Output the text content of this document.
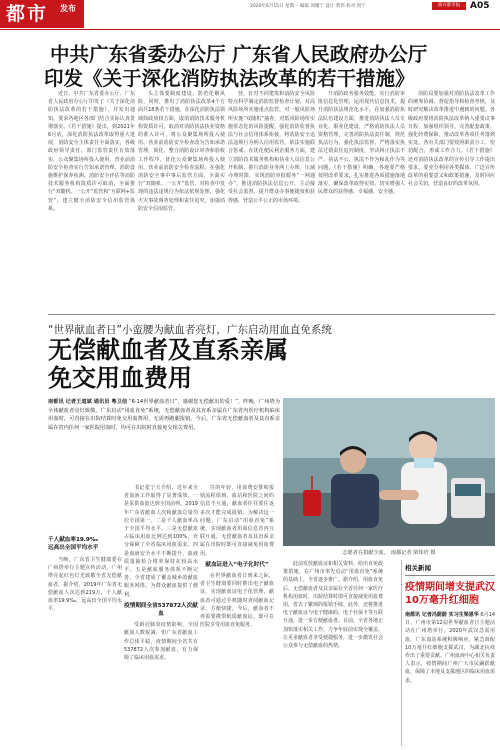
都市	发布	2020年6月15日 星期一 编辑 刘耀宁 设计 黄伟 校对 周宁	南方都市报	A05
中共广东省委办公厅 广东省人民政府办公厅
印发《关于深化消防执法改革的若干措施》

近日，中共广东省委办公厅、广东省人民政府办公厅印发了《关于深化消防执法改革的若干措施》，并发出通知，要求各地区各部门结合实际认真贯彻落实。《若干措施》提出，到2021年6月底，深化消防执法改革取得重大进展，消防安全主体责任全面落实，各级政府领导责任、部门监管责任有效落实，公众聚集场所投入使用、营业前消防安全检查实行告知承诺管理，消防设施维护保养检测、消防安全评估等消防技术服务机构资质许可取消，全面推行“双随机、一公开”监管和“互联网+监管”，建立健全消防安全信用监管体系。

头主体要制度建设，防范化解风险，同时，推出了消防执法改革4个方面共18条若干措施。在深化消防执法领域简政放权方面，取消消防技术服务机构资质许可，取消对消防执法执业资格的准入许可，将公众聚集场所投入使用、营业前消防安全检查改为告知承诺管理，简化、整合消防设计审查和验收工作程序，优化公众聚集场所投入使用、营业前消防安全检查流程。在强化消防安全事中事后监管方面，全面实行“双随机、一公开”监管，对检查中发现的违法违规行为依法依规处理，强化火灾事故调查处理和责任追究，加强消防安全信用监管。

营，针对不同建筑和消防安全风险特点科学制定消防监督检查计划，对高风险场所实施重点监管，对一般风险场所实施“双随机”抽查，对低风险场所实施常态化的风险提醒，强化消防监督执法与社会信用体系衔接，将消防安全违法违规行为纳入信用监管，依法实施联合惩戒。在优化便民利企服务方面，建立消防技术服务机构和执业人员信息公开机制，推行消防业务网上办理，压减办理时限，实现消防审批服务“一网通办”，推进消防执法信息公开，主动接受社会监督，提升群众办事便捷度和获得感，营造公平公正的市场环境。

升消防政务服务效能。实行消防审批信息化管理，运用现代信息技术，提升消防执法规范化水平。在加强消防执法队伍建设方面，推进消防执法人员专业化、职业化建设，严格消防执法人员资格管理，完善消防执法责任制，规范执法行为，强化执法监督，严格落实执法过错责任追究制度，坚决纠正执法不严、执法不公、执法不作为和乱作为等问题。《若干措施》明确，各地要严格按照改革要求，扎实推进各项措施落地落实，确保改革取得实效，切实增强人民群众的获得感、幸福感、安全感。

消防局要加强对消防执法改革工作的统筹协调、督促指导和检查考核，及时研究解决改革推进中遇到的问题。各级政府要将消防执法改革纳入重要议事日程，加强组织领导，完善配套政策，强化经费保障，推动改革各项任务落到实处。各有关部门要按照职责分工，密切配合，形成工作合力。《若干措施》还对消防执法改革的宣传引导工作提出要求，要充分利用各类媒体，广泛宣传改革的重要意义和政策措施，及时回应社会关切，营造良好的改革氛围。

“世界献血者日”小蛮腰为献血者亮灯，广东启动用血直免系统
无偿献血者及直系亲属
免交用血费用
南都讯 记者王道斌 通讯员 粤卫信 “6·14世界献血者日”，感谢您无偿献出的爱！”，昨晚，广州塔为全体献血者亮灯致敬。广东启动“用血直免”系统，无偿献血者及其直系亲属在广东省内医疗机构临床用血时，可直接在出院结算时免交用血费用，无需再跑腿报销。今后，广东省无偿献血者及其直系亲属在省内任何一家医院用血时，均可在出院时直接免交相关费用。
志愿者在捐献全血。 南都记者 梁炜培 摄
千人献血率19.9‰
远高出全国平均水平

当晚，广东省卫生健康委在广州塔举行主题宣传活动，广州塔亮起红色灯光致敬全省无偿献血者。据介绍，2019年广东省无偿献血人次达到219万，千人献血率19.9‰，远高出全国平均水平。

书记张宁玉介绍，近年来全省血液工作取得了显著成效，一是采供血量达到全国前列，2019年广东省献血人次和献血总量均居全国第一。二是千人献血率高于全国平均水平。三是无偿献血占临床用血比例达到100%，充分保障了全省临床用血需求。四是血液安全水平不断提升，血液质量抽检合格率保持在较高水平。五是献血服务体系不断完善，全省建成了覆盖城乡的献血服务网络，为群众献血提供了便利。

疫情期间全省537872人次献血

受新冠肺炎疫情影响，全国献血人数锐减，但广东省献血工作总体平稳，疫情期间全省共有537872人次参加献血，有力保障了临床用血需求。

往的年轻，用血费安排和报销流程烦琐，血站和医院之间的信息不互通，献血者往往要往返多次才能完成报销。为解决这一问题，广东启动“用血直免”系统，实现献血者用血信息省内互联互通，无偿献血者及其直系亲属在出院时即可直接减免用血费用。

献血证进入“电子化时代”

在世界献血者日到来之际，省卫生健康委同时推出电子献血证，实现献血证电子化管理，献血者可通过手机随时查阅献血记录，方便快捷。今后，献血者不再需要携带纸质献血证，即可在医院享受用血直免服务。

此前发放献血证和相关资料，给出直免政策措施，在广州市率先启动“用血直免”系统的基础上，全省逐步推广。据介绍，用血直免后，无偿献血者及其亲属在全省任何一家医疗机构用血时，出院结算时即可直接减免用血费用，省去了繁琐的报销手续。此外，还将推进电子献血证与电子健康码、电子社保卡等互联互通，进一步方便献血者。目前，全省各地正加快落实相关工作，力争年底前实现全覆盖，让更多献血者享受便捷服务，进一步激发社会公众参与无偿献血的热情。

相关新闻
疫情期间增支提武汉10万毫升红细胞
南都讯 记者冯蔚蔚 实习生梁恩华 6月14日，广州市第12届世界献血者日主题活动在广州塔举行。2020年武汉急需用血，广东血站系统积极响应，紧急调配10万毫升红细胞支援武汉，为湖北抗疫作出了重要贡献。广州血液中心相关负责人表示，疫情期间广州广大市民踊跃献血，保障了本地及支援地区的临床用血需求。
